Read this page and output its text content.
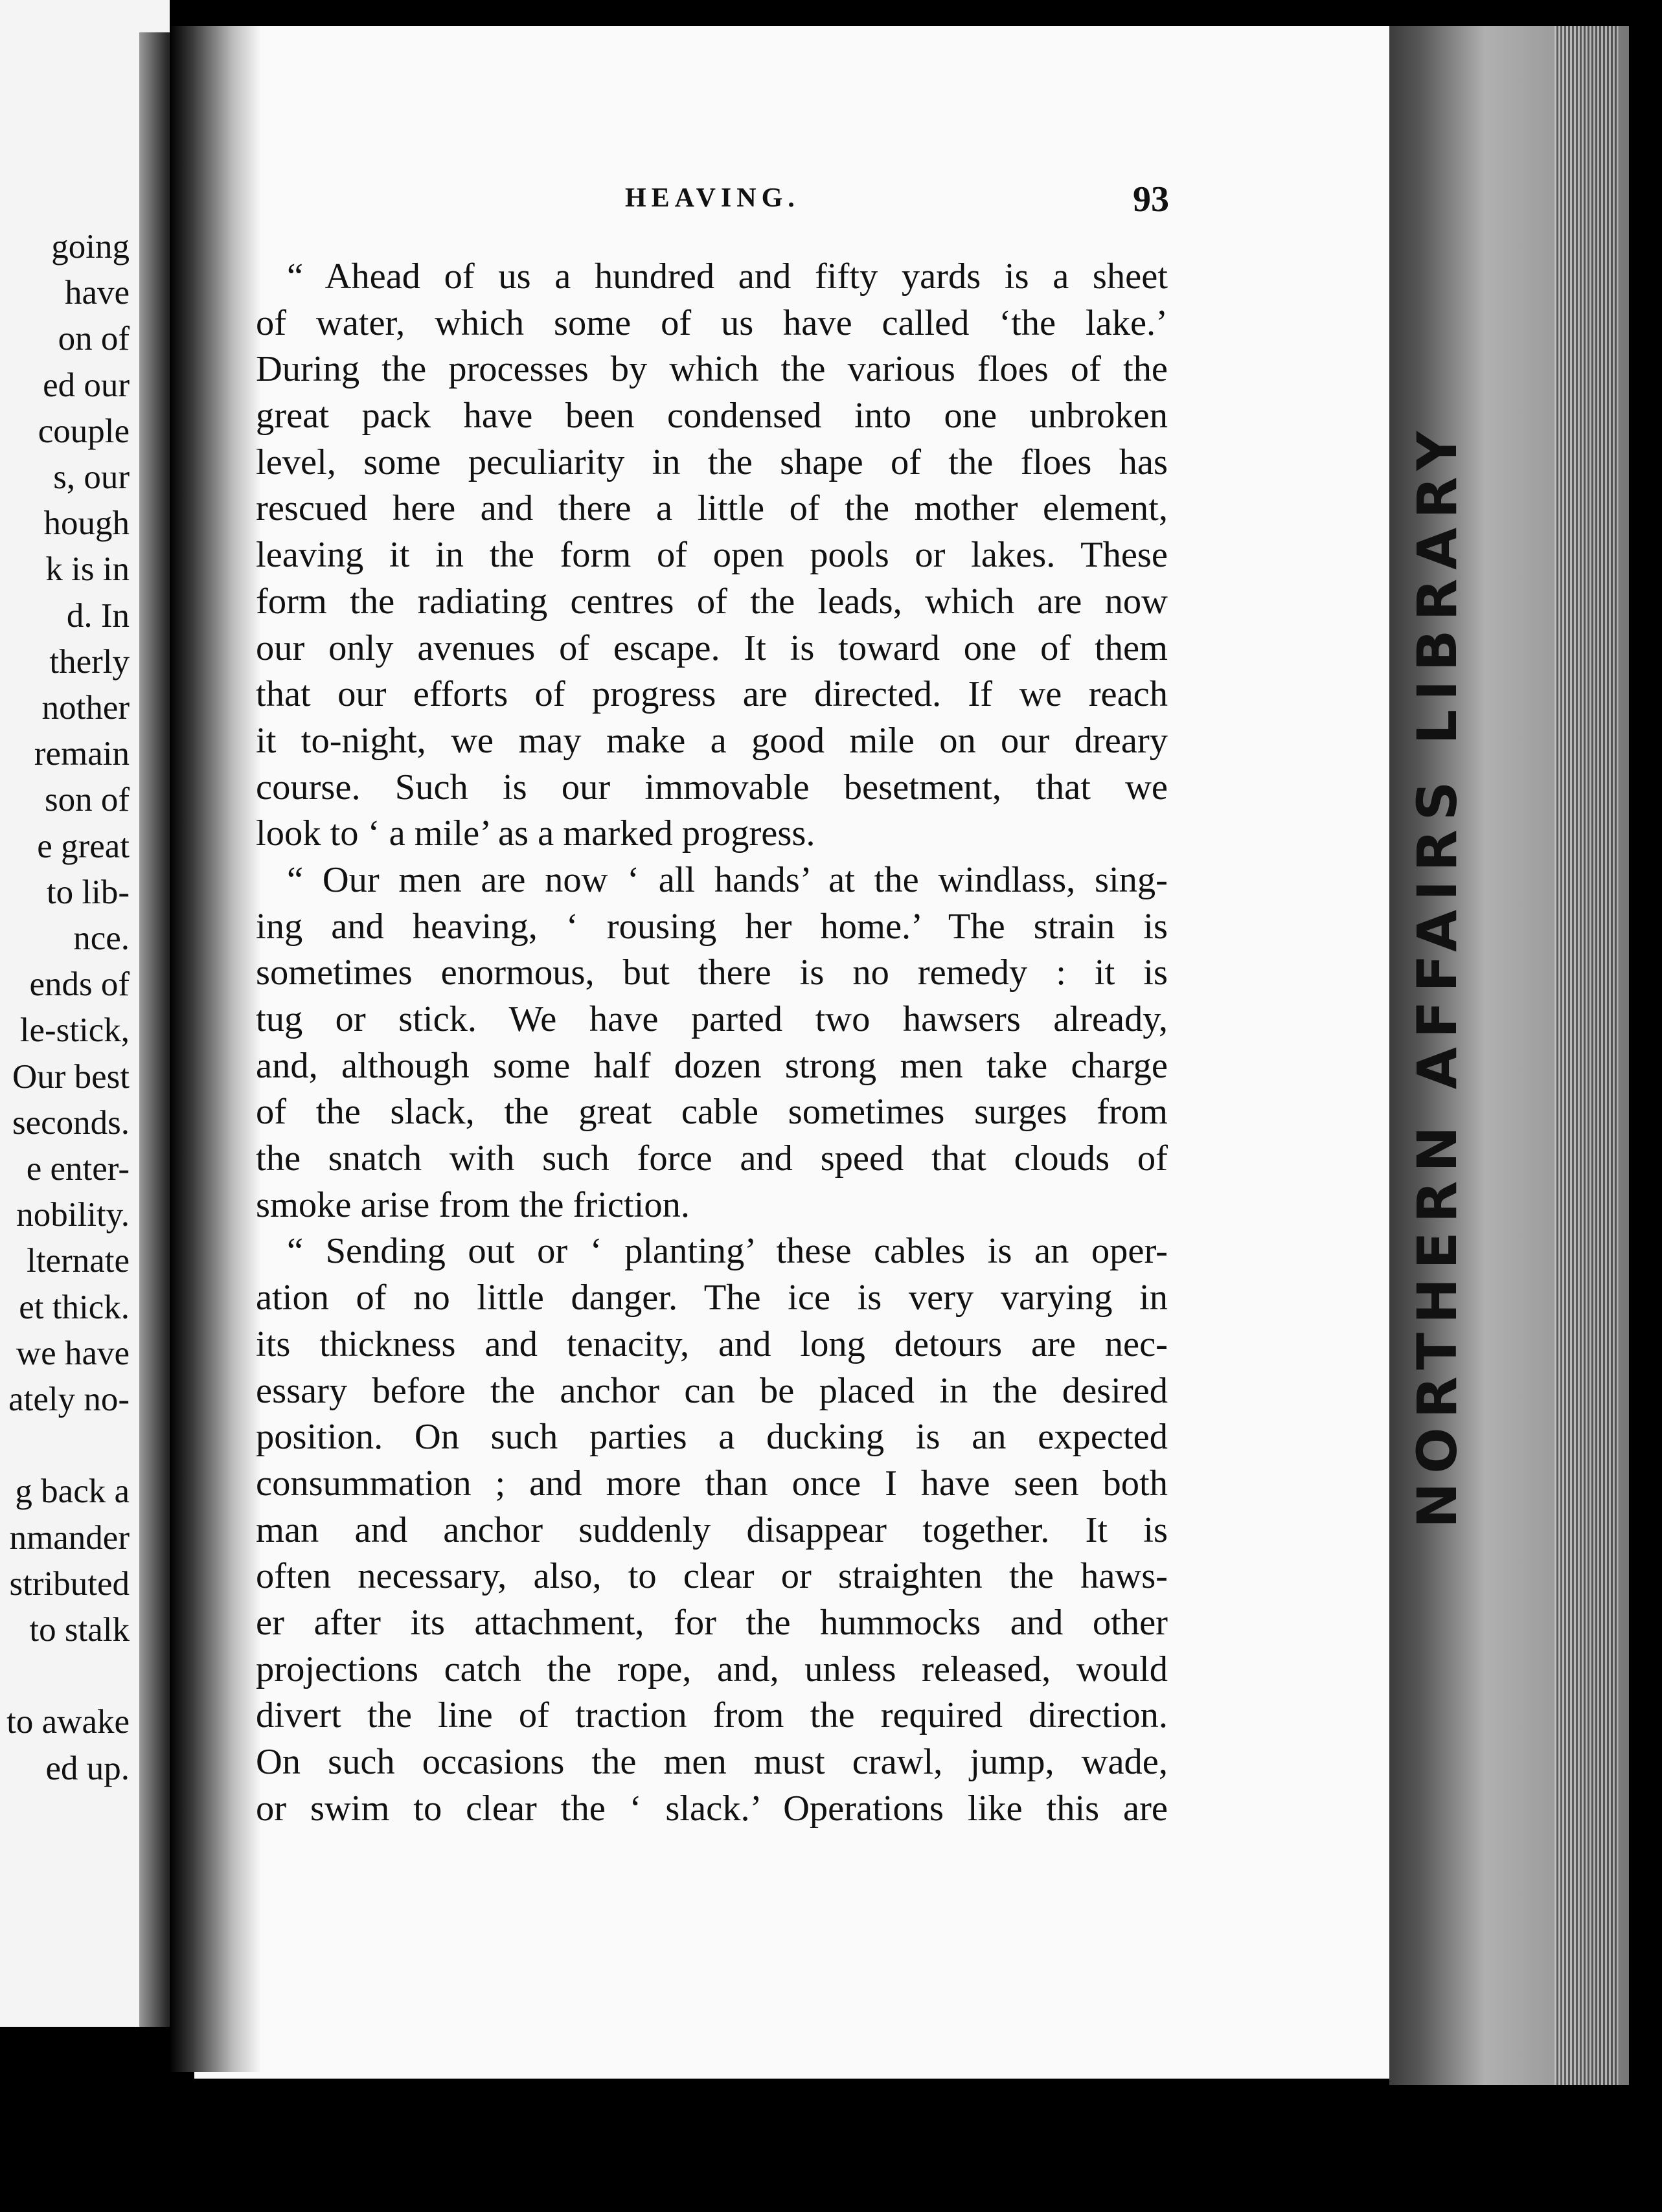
NORTHERN AFFAIRS LIBRARY
going
have
on of
ed our
couple
s, our
hough
k is in
d. In
therly
nother
remain
son of
e great
to lib-
nce.
ends of
le-stick,
Our best
seconds.
e enter-
nobility.
lternate
et thick.
we have
ately no-
g back a
nmander
stributed
to stalk
to awake
ed up.
HEAVING.	93
“ Ahead of us a hundred and fifty yards is a sheet
of water, which some of us have called ‘the lake.’
During the processes by which the various floes of the
great pack have been condensed into one unbroken
level, some peculiarity in the shape of the floes has
rescued here and there a little of the mother element,
leaving it in the form of open pools or lakes. These
form the radiating centres of the leads, which are now
our only avenues of escape. It is toward one of them
that our efforts of progress are directed. If we reach
it to-night, we may make a good mile on our dreary
course. Such is our immovable besetment, that we
look to ‘ a mile’ as a marked progress.
“ Our men are now ‘ all hands’ at the windlass, sing-
ing and heaving, ‘ rousing her home.’ The strain is
sometimes enormous, but there is no remedy : it is
tug or stick. We have parted two hawsers already,
and, although some half dozen strong men take charge
of the slack, the great cable sometimes surges from
the snatch with such force and speed that clouds of
smoke arise from the friction.
“ Sending out or ‘ planting’ these cables is an oper-
ation of no little danger. The ice is very varying in
its thickness and tenacity, and long detours are nec-
essary before the anchor can be placed in the desired
position. On such parties a ducking is an expected
consummation ; and more than once I have seen both
man and anchor suddenly disappear together. It is
often necessary, also, to clear or straighten the haws-
er after its attachment, for the hummocks and other
projections catch the rope, and, unless released, would
divert the line of traction from the required direction.
On such occasions the men must crawl, jump, wade,
or swim to clear the ‘ slack.’ Operations like this are
